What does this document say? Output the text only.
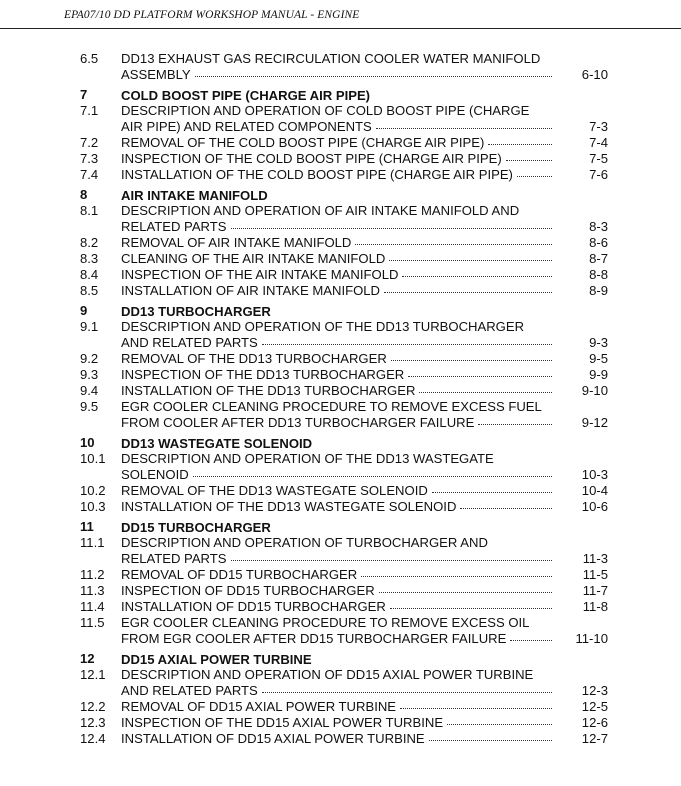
EPA07/10 DD PLATFORM WORKSHOP MANUAL - ENGINE
6.5	DD13 EXHAUST GAS RECIRCULATION COOLER WATER MANIFOLD
ASSEMBLY	6-10
7	COLD BOOST PIPE (CHARGE AIR PIPE)
7.1	DESCRIPTION AND OPERATION OF COLD BOOST PIPE (CHARGE
AIR PIPE) AND RELATED COMPONENTS	7-3
7.2	REMOVAL OF THE COLD BOOST PIPE (CHARGE AIR PIPE)	7-4
7.3	INSPECTION OF THE COLD BOOST PIPE (CHARGE AIR PIPE)	7-5
7.4	INSTALLATION OF THE COLD BOOST PIPE (CHARGE AIR PIPE)	7-6
8	AIR INTAKE MANIFOLD
8.1	DESCRIPTION AND OPERATION OF AIR INTAKE MANIFOLD AND
RELATED PARTS	8-3
8.2	REMOVAL OF AIR INTAKE MANIFOLD	8-6
8.3	CLEANING OF THE AIR INTAKE MANIFOLD	8-7
8.4	INSPECTION OF THE AIR INTAKE MANIFOLD	8-8
8.5	INSTALLATION OF AIR INTAKE MANIFOLD	8-9
9	DD13 TURBOCHARGER
9.1	DESCRIPTION AND OPERATION OF THE DD13 TURBOCHARGER
AND RELATED PARTS	9-3
9.2	REMOVAL OF THE DD13 TURBOCHARGER	9-5
9.3	INSPECTION OF THE DD13 TURBOCHARGER	9-9
9.4	INSTALLATION OF THE DD13 TURBOCHARGER	9-10
9.5	EGR COOLER CLEANING PROCEDURE TO REMOVE EXCESS FUEL
FROM COOLER AFTER DD13 TURBOCHARGER FAILURE	9-12
10	DD13 WASTEGATE SOLENOID
10.1	DESCRIPTION AND OPERATION OF THE DD13 WASTEGATE
SOLENOID	10-3
10.2	REMOVAL OF THE DD13 WASTEGATE SOLENOID	10-4
10.3	INSTALLATION OF THE DD13 WASTEGATE SOLENOID	10-6
11	DD15 TURBOCHARGER
11.1	DESCRIPTION AND OPERATION OF TURBOCHARGER AND
RELATED PARTS	11-3
11.2	REMOVAL OF DD15 TURBOCHARGER	11-5
11.3	INSPECTION OF DD15 TURBOCHARGER	11-7
11.4	INSTALLATION OF DD15 TURBOCHARGER	11-8
11.5	EGR COOLER CLEANING PROCEDURE TO REMOVE EXCESS OIL
FROM EGR COOLER AFTER DD15 TURBOCHARGER FAILURE	11-10
12	DD15 AXIAL POWER TURBINE
12.1	DESCRIPTION AND OPERATION OF DD15 AXIAL POWER TURBINE
AND RELATED PARTS	12-3
12.2	REMOVAL OF DD15 AXIAL POWER TURBINE	12-5
12.3	INSPECTION OF THE DD15 AXIAL POWER TURBINE	12-6
12.4	INSTALLATION OF DD15 AXIAL POWER TURBINE	12-7
